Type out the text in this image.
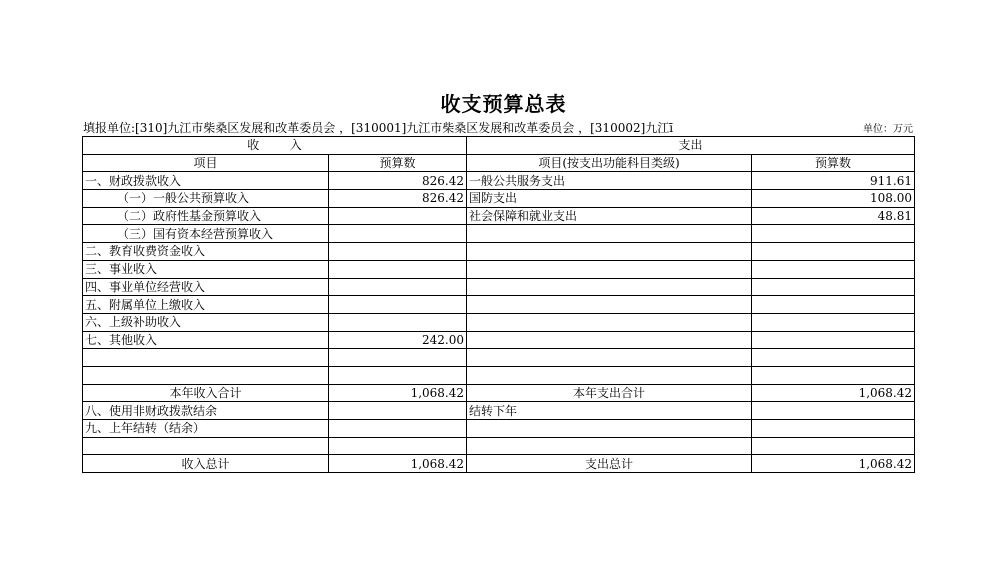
收支预算总表
填报单位:[310]九江市柴桑区发展和改革委员会 ，[310001]九江市柴桑区发展和改革委员会 ，[310002]九江ī	单位：万元
收        入		支出	
项目	预算数	项目(按支出功能科目类级)	预算数
一、财政拨款收入	826.42	一般公共服务支出	911.61
（一）一般公共预算收入	826.42	国防支出	108.00
（二）政府性基金预算收入		社会保障和就业支出	48.81
（三）国有资本经营预算收入			
二、教育收费资金收入			
三、事业收入			
四、事业单位经营收入			
五、附属单位上缴收入			
六、上级补助收入			
七、其他收入	242.00		

本年收入合计	1,068.42	本年支出合计	1,068.42
八、使用非财政拨款结余		结转下年	
九、上年结转（结余）			

收入总计	1,068.42	支出总计	1,068.42
